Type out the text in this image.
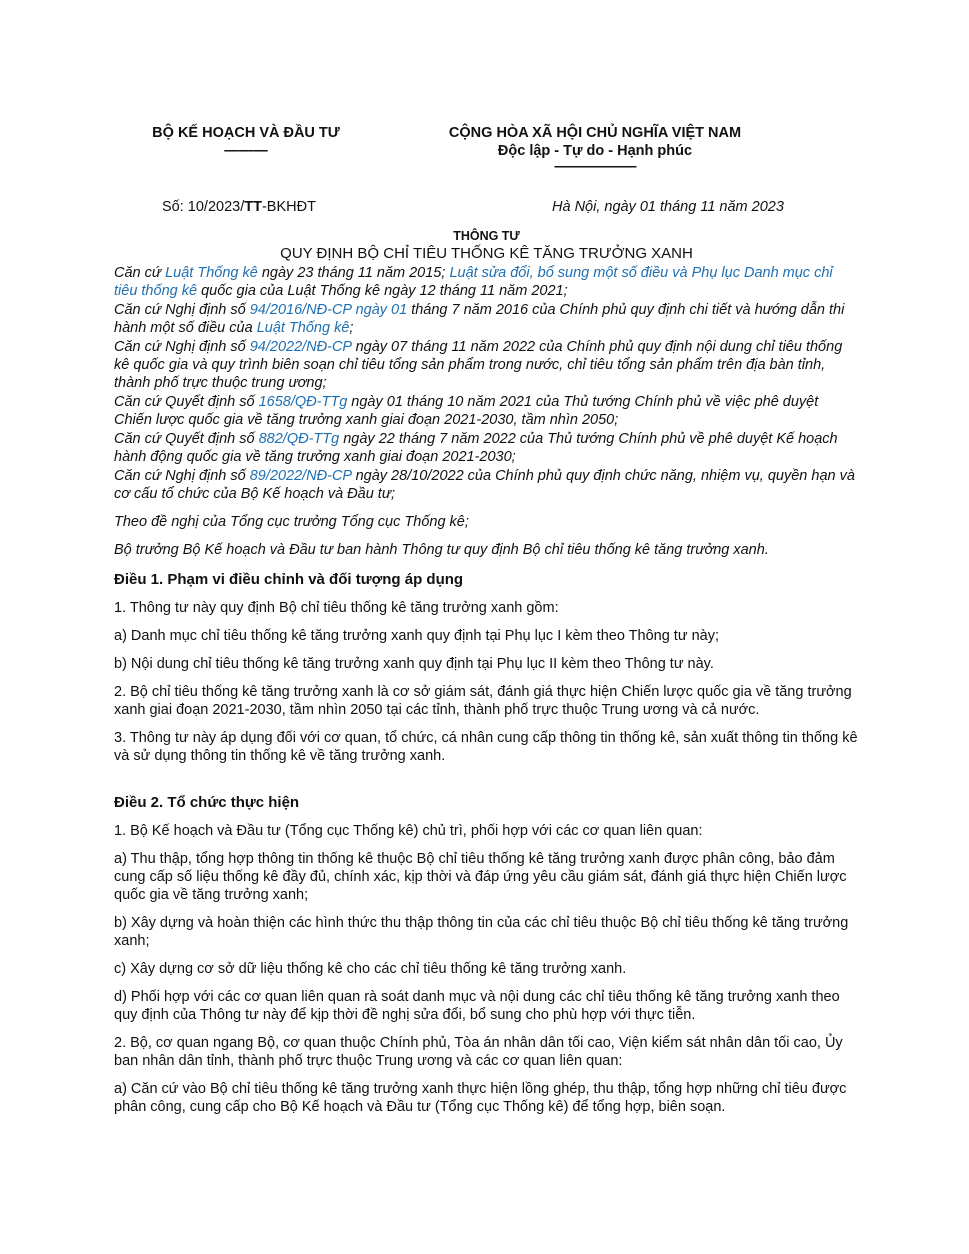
BỘ KẾ HOẠCH VÀ ĐẦU TƯ
———
CỘNG HÒA XÃ HỘI CHỦ NGHĨA VIỆT NAM
Độc lập - Tự do - Hạnh phúc
——————
Số: 10/2023/TT-BKHĐT	Hà Nội, ngày 01 tháng 11 năm 2023
THÔNG TƯ
QUY ĐỊNH BỘ CHỈ TIÊU THỐNG KÊ TĂNG TRƯỞNG XANH

Căn cứ Luật Thống kê ngày 23 tháng 11 năm 2015; Luật sửa đổi, bổ sung một số điều và Phụ lục Danh mục chỉ tiêu thống kê quốc gia của Luật Thống kê ngày 12 tháng 11 năm 2021;

Căn cứ Nghị định số 94/2016/NĐ-CP ngày 01 tháng 7 năm 2016 của Chính phủ quy định chi tiết và hướng dẫn thi hành một số điều của Luật Thống kê;

Căn cứ Nghị định số 94/2022/NĐ-CP ngày 07 tháng 11 năm 2022 của Chính phủ quy định nội dung chỉ tiêu thống kê quốc gia và quy trình biên soạn chỉ tiêu tổng sản phẩm trong nước, chỉ tiêu tổng sản phẩm trên địa bàn tỉnh, thành phố trực thuộc trung ương;

Căn cứ Quyết định số 1658/QĐ-TTg ngày 01 tháng 10 năm 2021 của Thủ tướng Chính phủ về việc phê duyệt Chiến lược quốc gia về tăng trưởng xanh giai đoạn 2021-2030, tầm nhìn 2050;

Căn cứ Quyết định số 882/QĐ-TTg ngày 22 tháng 7 năm 2022 của Thủ tướng Chính phủ về phê duyệt Kế hoạch hành động quốc gia về tăng trưởng xanh giai đoạn 2021-2030;

Căn cứ Nghị định số 89/2022/NĐ-CP ngày 28/10/2022 của Chính phủ quy định chức năng, nhiệm vụ, quyền hạn và cơ cấu tổ chức của Bộ Kế hoạch và Đầu tư;

Theo đề nghị của Tổng cục trưởng Tổng cục Thống kê;

Bộ trưởng Bộ Kế hoạch và Đầu tư ban hành Thông tư quy định Bộ chỉ tiêu thống kê tăng trưởng xanh.

Điều 1. Phạm vi điều chỉnh và đối tượng áp dụng

1. Thông tư này quy định Bộ chỉ tiêu thống kê tăng trưởng xanh gồm:

a) Danh mục chỉ tiêu thống kê tăng trưởng xanh quy định tại Phụ lục I kèm theo Thông tư này;

b) Nội dung chỉ tiêu thống kê tăng trưởng xanh quy định tại Phụ lục II kèm theo Thông tư này.

2. Bộ chỉ tiêu thống kê tăng trưởng xanh là cơ sở giám sát, đánh giá thực hiện Chiến lược quốc gia về tăng trưởng xanh giai đoạn 2021-2030, tầm nhìn 2050 tại các tỉnh, thành phố trực thuộc Trung ương và cả nước.

3. Thông tư này áp dụng đối với cơ quan, tổ chức, cá nhân cung cấp thông tin thống kê, sản xuất thông tin thống kê và sử dụng thông tin thống kê về tăng trưởng xanh.

Điều 2. Tổ chức thực hiện

1. Bộ Kế hoạch và Đầu tư (Tổng cục Thống kê) chủ trì, phối hợp với các cơ quan liên quan:

a) Thu thập, tổng hợp thông tin thống kê thuộc Bộ chỉ tiêu thống kê tăng trưởng xanh được phân công, bảo đảm cung cấp số liệu thống kê đầy đủ, chính xác, kịp thời và đáp ứng yêu cầu giám sát, đánh giá thực hiện Chiến lược quốc gia về tăng trưởng xanh;

b) Xây dựng và hoàn thiện các hình thức thu thập thông tin của các chỉ tiêu thuộc Bộ chỉ tiêu thống kê tăng trưởng xanh;

c) Xây dựng cơ sở dữ liệu thống kê cho các chỉ tiêu thống kê tăng trưởng xanh.

d) Phối hợp với các cơ quan liên quan rà soát danh mục và nội dung các chỉ tiêu thống kê tăng trưởng xanh theo quy định của Thông tư này để kịp thời đề nghị sửa đổi, bổ sung cho phù hợp với thực tiễn.

2. Bộ, cơ quan ngang Bộ, cơ quan thuộc Chính phủ, Tòa án nhân dân tối cao, Viện kiểm sát nhân dân tối cao, Ủy ban nhân dân tỉnh, thành phố trực thuộc Trung ương và các cơ quan liên quan:

a) Căn cứ vào Bộ chỉ tiêu thống kê tăng trưởng xanh thực hiện lồng ghép, thu thập, tổng hợp những chỉ tiêu được phân công, cung cấp cho Bộ Kế hoạch và Đầu tư (Tổng cục Thống kê) để tổng hợp, biên soạn.
